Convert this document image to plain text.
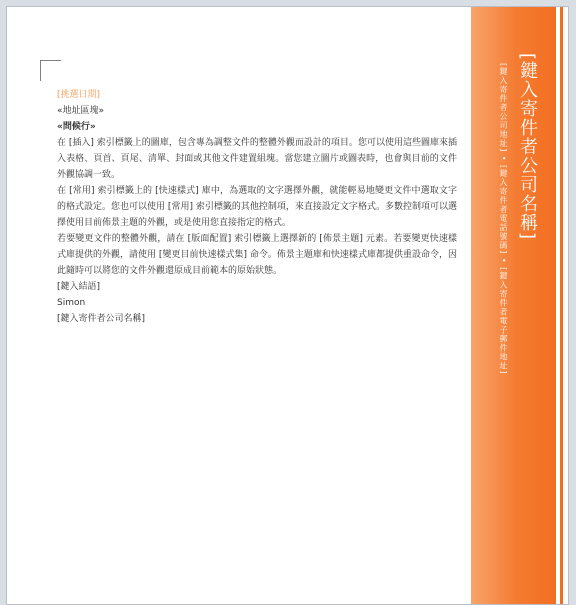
[挑選日期]

«地址區塊»

«問候行»

在 [插入] 索引標籤上的圖庫，包含專為調整文件的整體外觀而設計的項目。您可以使用這些圖庫來插入表格、頁首、頁尾、清單、封面或其他文件建置組塊。當您建立圖片或圖表時，也會與目前的文件外觀協調一致。

在 [常用] 索引標籤上的 [快速樣式] 庫中，為選取的文字選擇外觀，就能輕易地變更文件中選取文字的格式設定。您也可以使用 [常用] 索引標籤的其他控制項，來直接設定文字格式。多數控制項可以選擇使用目前佈景主題的外觀，或是使用您直接指定的格式。

若要變更文件的整體外觀，請在 [版面配置] 索引標籤上選擇新的 [佈景主題] 元素。若要變更快速樣式庫提供的外觀，請使用 [變更目前快速樣式集] 命令。佈景主題庫和快速樣式庫都提供重設命令，因此隨時可以將您的文件外觀還原成目前範本的原始狀態。

[鍵入結語]

Simon

[鍵入寄件者公司名稱]

[鍵入寄件者公司名稱]
[鍵入寄件者公司地址] • [鍵入寄件者電話號碼] • [鍵入寄件者電子郵件地址]
